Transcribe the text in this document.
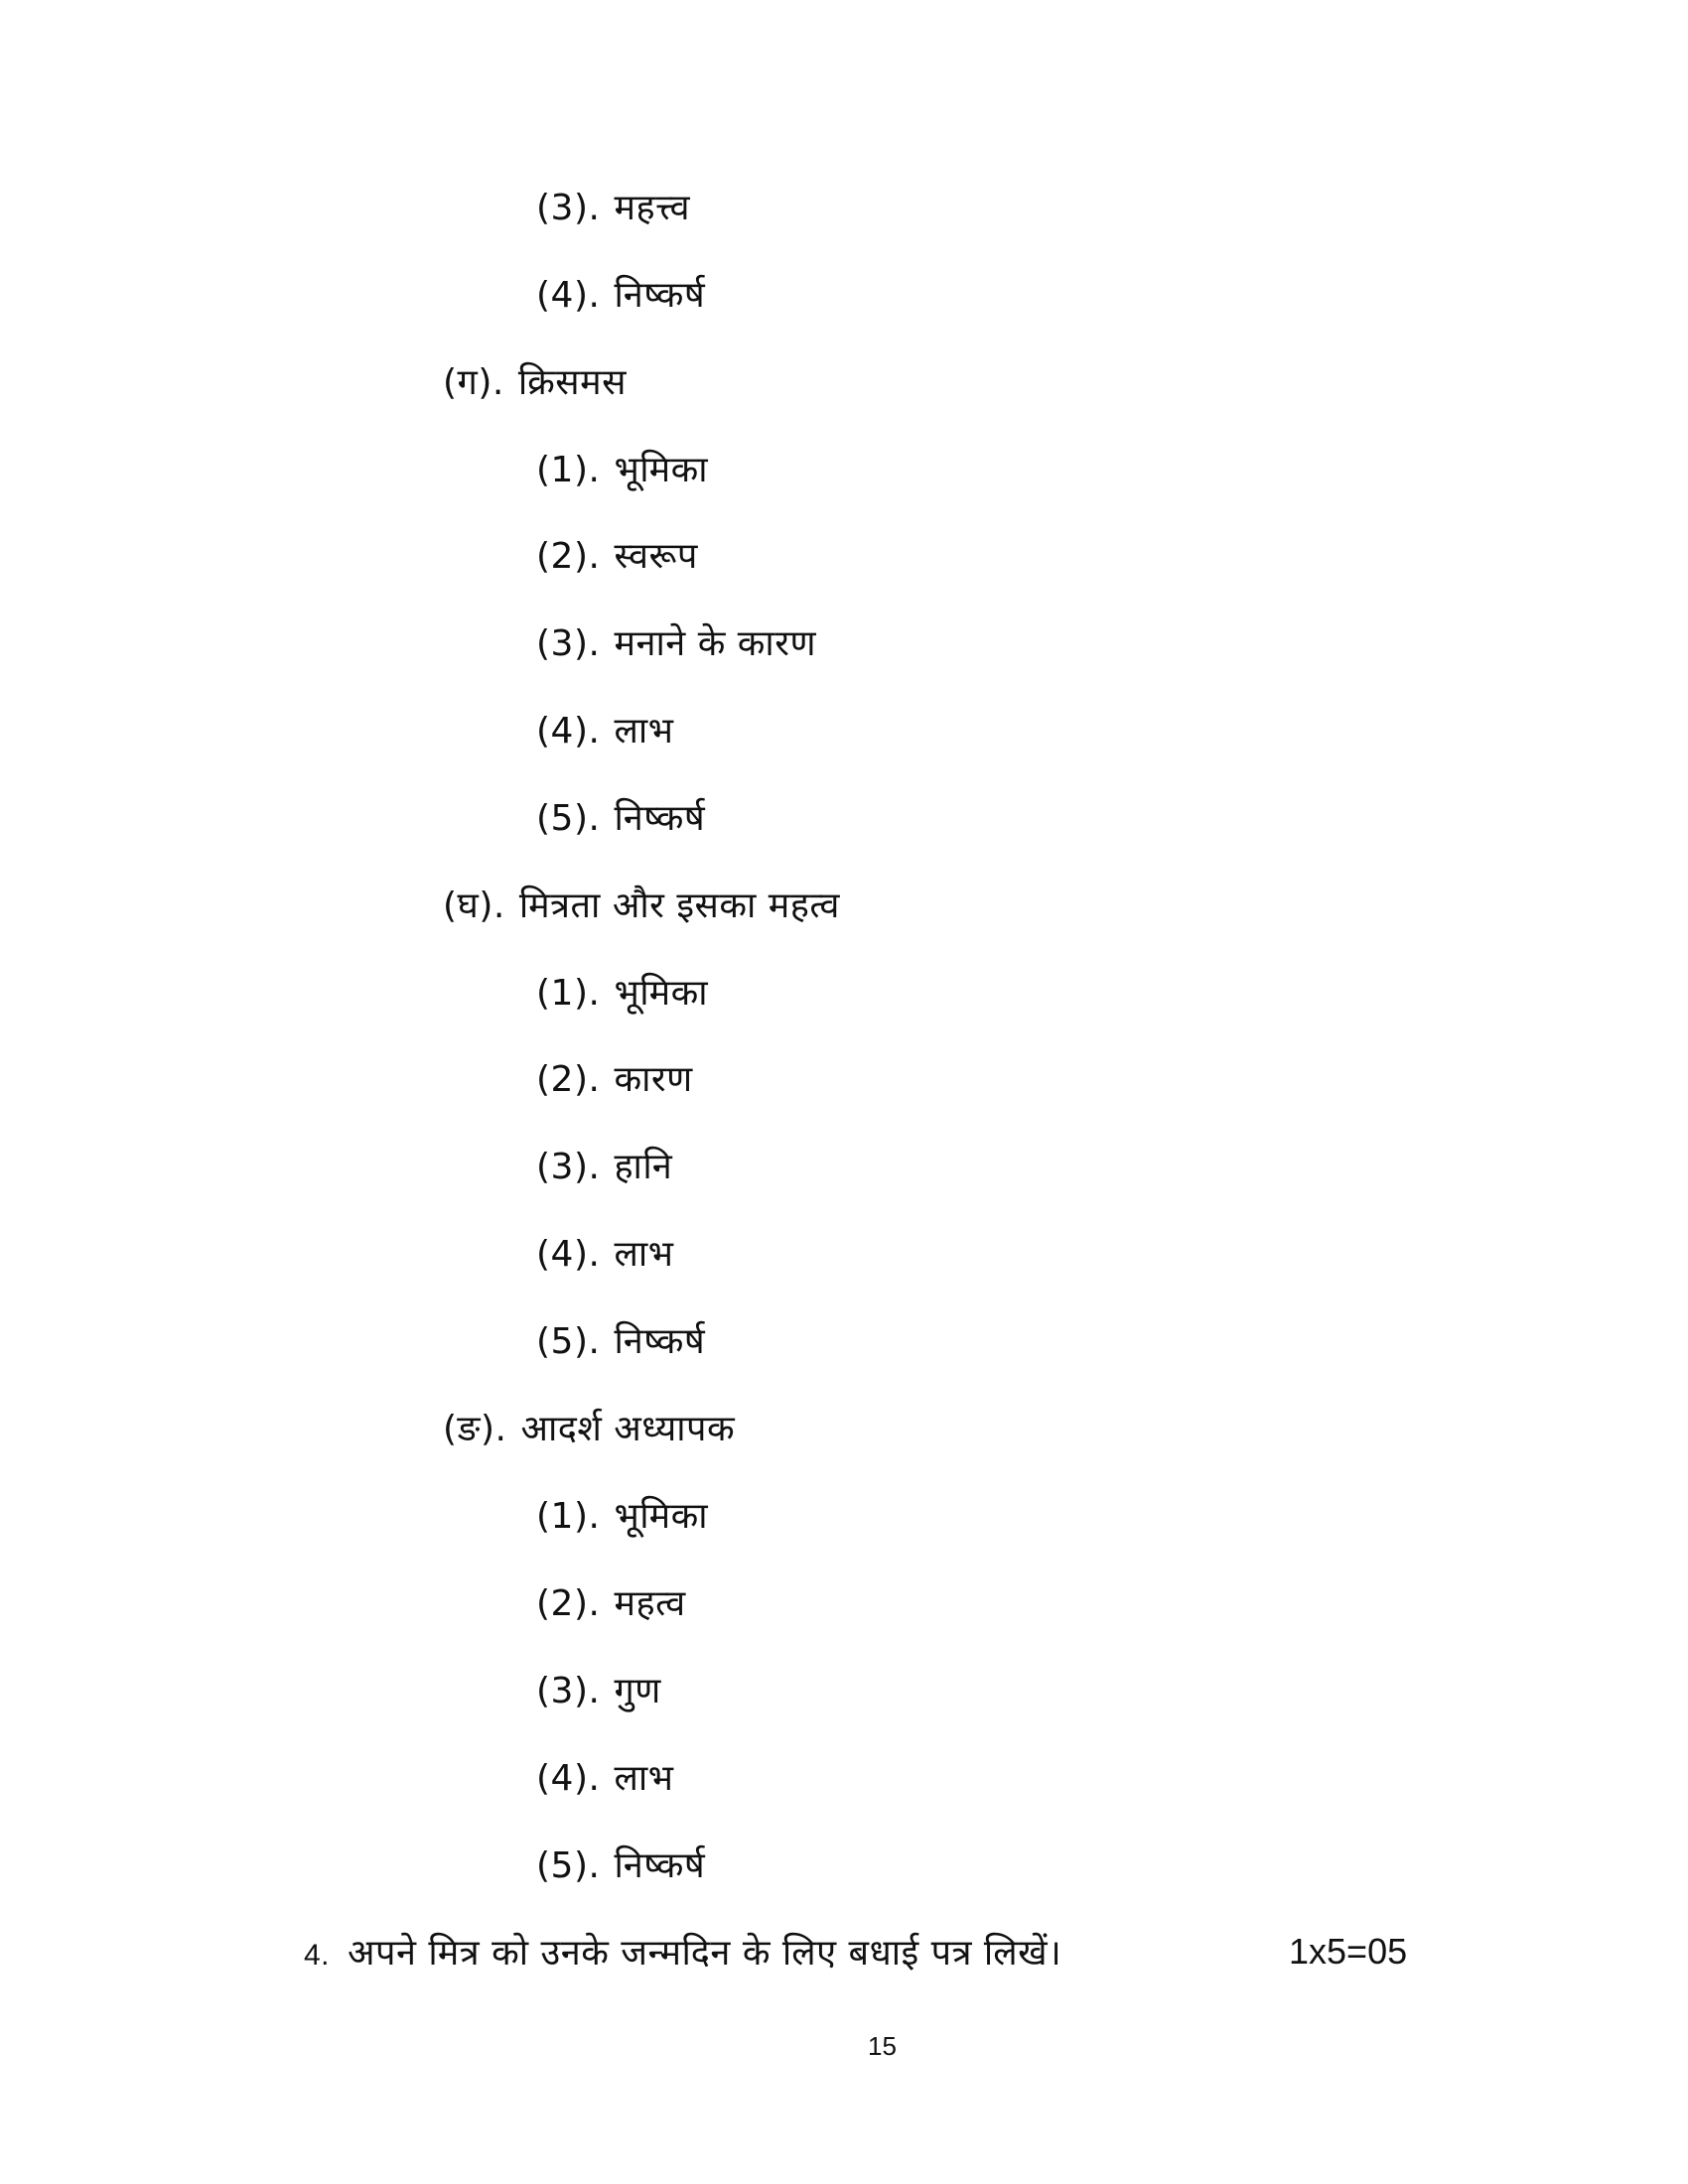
(3). महत्त्व
(4). निष्कर्ष
(ग). क्रिसमस
(1). भूमिका
(2). स्वरूप
(3). मनाने के कारण
(4). लाभ
(5). निष्कर्ष
(घ). मित्रता और इसका महत्व
(1). भूमिका
(2). कारण
(3). हानि
(4). लाभ
(5). निष्कर्ष
(ङ). आदर्श अध्यापक
(1). भूमिका
(2). महत्व
(3). गुण
(4). लाभ
(5). निष्कर्ष
4. अपने मित्र को उनके जन्मदिन के लिए बधाई पत्र लिखें।	1x5=05
15
